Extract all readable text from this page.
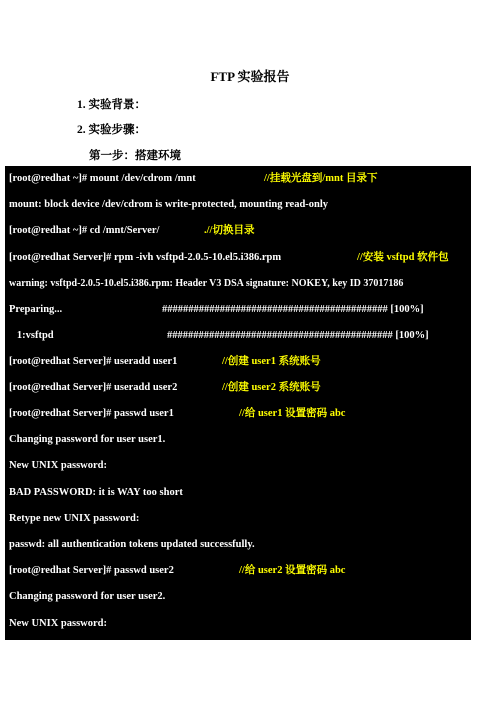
FTP 实验报告
1. 实验背景：
2. 实验步骤：
第一步：搭建环境
[root@redhat ~]# mount /dev/cdrom /mnt	//挂载光盘到/mnt 目录下
mount: block device /dev/cdrom is write-protected, mounting read-only
[root@redhat ~]# cd /mnt/Server/	.//切换目录
[root@redhat Server]# rpm -ivh vsftpd-2.0.5-10.el5.i386.rpm	//安装 vsftpd 软件包
warning: vsftpd-2.0.5-10.el5.i386.rpm: Header V3 DSA signature: NOKEY, key ID 37017186
Preparing...	########################################### [100%]
1:vsftpd	########################################### [100%]
[root@redhat Server]# useradd user1	//创建 user1 系统账号
[root@redhat Server]# useradd user2	//创建 user2 系统账号
[root@redhat Server]# passwd user1	//给 user1 设置密码 abc
Changing password for user user1.
New UNIX password:
BAD PASSWORD: it is WAY too short
Retype new UNIX password:
passwd: all authentication tokens updated successfully.
[root@redhat Server]# passwd user2	//给 user2 设置密码 abc
Changing password for user user2.
New UNIX password:
